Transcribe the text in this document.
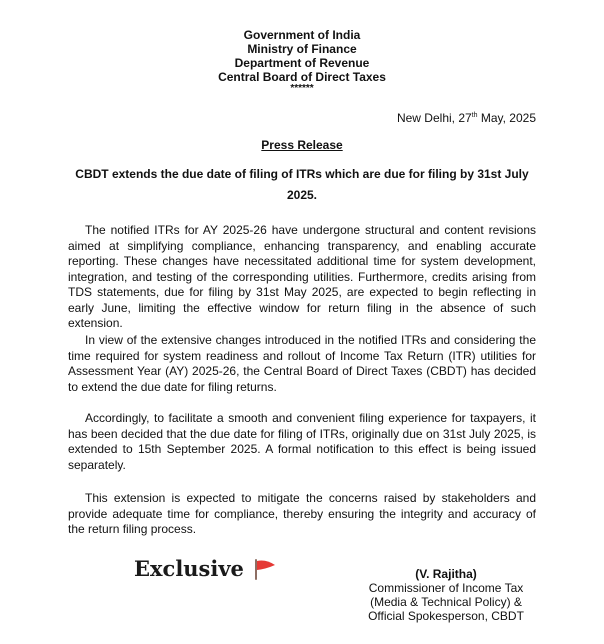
Government of India
Ministry of Finance
Department of Revenue
Central Board of Direct Taxes
******
New Delhi, 27th May, 2025
Press Release
CBDT extends the due date of filing of ITRs which are due for filing by 31st July 2025.

The notified ITRs for AY 2025-26 have undergone structural and content revisions aimed at simplifying compliance, enhancing transparency, and enabling accurate reporting. These changes have necessitated additional time for system development, integration, and testing of the corresponding utilities. Furthermore, credits arising from TDS statements, due for filing by 31st May 2025, are expected to begin reflecting in early June, limiting the effective window for return filing in the absence of such extension.

In view of the extensive changes introduced in the notified ITRs and considering the time required for system readiness and rollout of Income Tax Return (ITR) utilities for Assessment Year (AY) 2025-26, the Central Board of Direct Taxes (CBDT) has decided to extend the due date for filing returns.

Accordingly, to facilitate a smooth and convenient filing experience for taxpayers, it has been decided that the due date for filing of ITRs, originally due on 31st July 2025, is extended to 15th September 2025. A formal notification to this effect is being issued separately.

This extension is expected to mitigate the concerns raised by stakeholders and provide adequate time for compliance, thereby ensuring the integrity and accuracy of the return filing process.

Exclusive	(V. Rajitha)
Commissioner of Income Tax
(Media & Technical Policy) &
Official Spokesperson, CBDT
